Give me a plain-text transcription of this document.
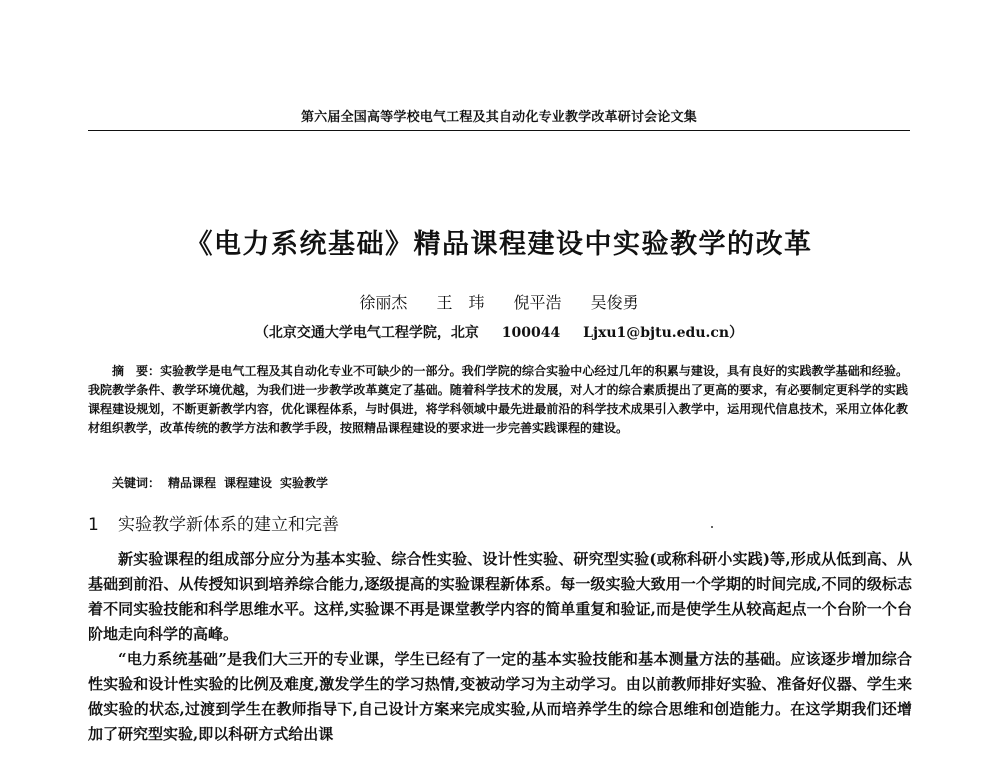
第六届全国高等学校电气工程及其自动化专业教学改革研讨会论文集
《电力系统基础》精品课程建设中实验教学的改革
徐丽杰 王　玮 倪平浩 吴俊勇
（北京交通大学电气工程学院，北京 100044 Ljxu1@bjtu.edu.cn）

摘　要：实验教学是电气工程及其自动化专业不可缺少的一部分。我们学院的综合实验中心经过几年的积累与建设，具有良好的实践教学基础和经验。我院教学条件、教学环境优越，为我们进一步教学改革奠定了基础。随着科学技术的发展，对人才的综合素质提出了更高的要求，有必要制定更科学的实践课程建设规划，不断更新教学内容，优化课程体系，与时俱进，将学科领域中最先进最前沿的科学技术成果引入教学中，运用现代信息技术，采用立体化教材组织教学，改革传统的教学方法和教学手段，按照精品课程建设的要求进一步完善实践课程的建设。

关键词： 精品课程 课程建设 实验教学
1 实验教学新体系的建立和完善

新实验课程的组成部分应分为基本实验、综合性实验、设计性实验、研究型实验(或称科研小实践)等,形成从低到高、从基础到前沿、从传授知识到培养综合能力,逐级提高的实验课程新体系。每一级实验大致用一个学期的时间完成,不同的级标志着不同实验技能和科学思维水平。这样,实验课不再是课堂教学内容的简单重复和验证,而是使学生从较高起点一个台阶一个台阶地走向科学的高峰。

“电力系统基础”是我们大三开的专业课，学生已经有了一定的基本实验技能和基本测量方法的基础。应该逐步增加综合性实验和设计性实验的比例及难度,激发学生的学习热情,变被动学习为主动学习。由以前教师排好实验、准备好仪器、学生来做实验的状态,过渡到学生在教师指导下,自己设计方案来完成实验,从而培养学生的综合思维和创造能力。在这学期我们还增加了研究型实验,即以科研方式给出课
